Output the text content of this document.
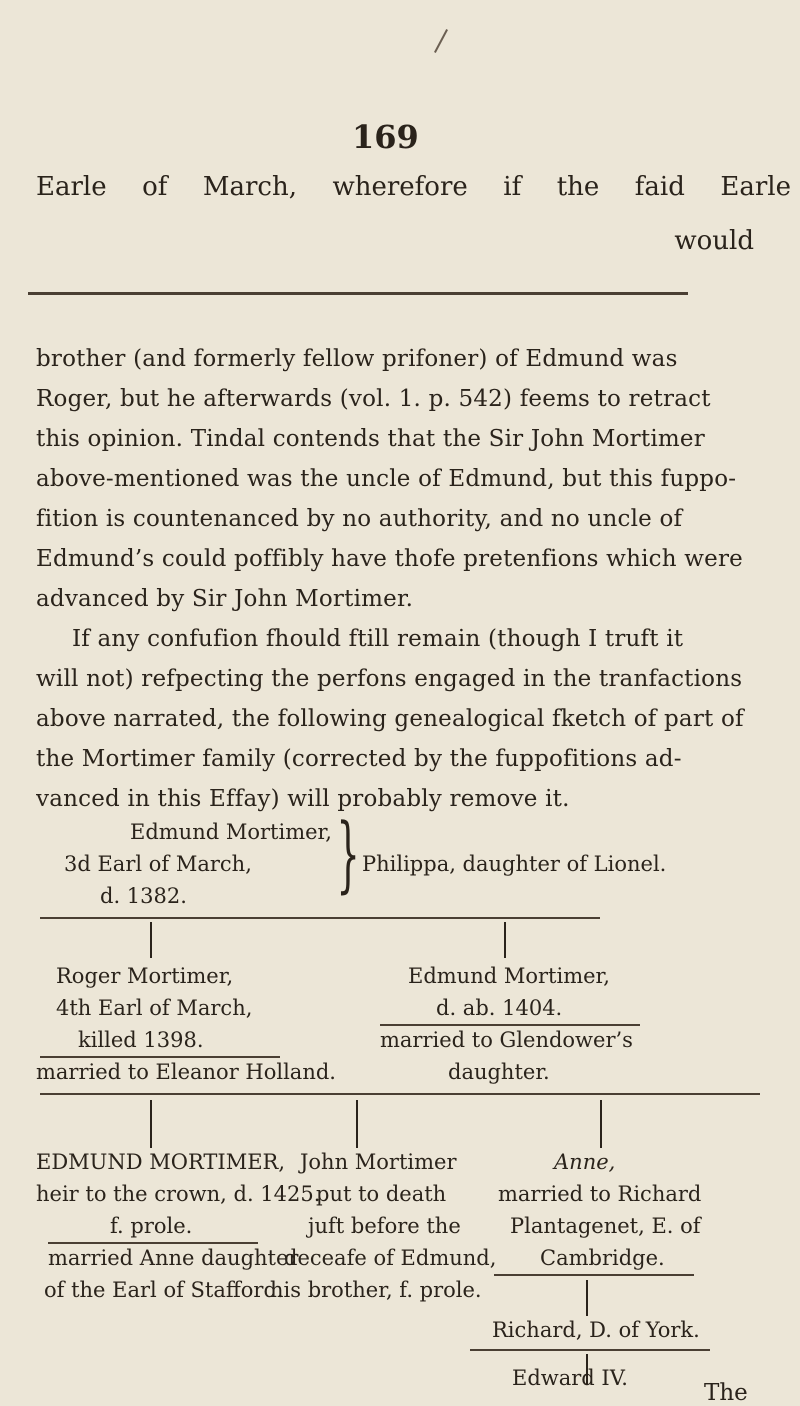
169
Earle of March, wherefore if the faid Earle
would
brother (and formerly fellow prifoner) of Edmund was
Roger, but he afterwards (vol. 1. p. 542) feems to retract
this opinion. Tindal contends that the Sir John Mortimer
above-mentioned was the uncle of Edmund, but this fuppo-
fition is countenanced by no authority, and no uncle of
Edmund’s could poffibly have thofe pretenfions which were
advanced by Sir John Mortimer.
If any confufion fhould ftill remain (though I truft it
will not) refpecting the perfons engaged in the tranfactions
above narrated, the following genealogical fketch of part of
the Mortimer family (corrected by the fuppofitions ad-
vanced in this Effay) will probably remove it.
Edmund Mortimer,
3d Earl of March,
d. 1382. } Philippa, daughter of Lionel.
Roger Mortimer,
4th Earl of March,
killed 1398.
married to Eleanor Holland.
Edmund Mortimer,
d. ab. 1404.
married to Glendower’s
daughter.
EDMUND MORTIMER,
heir to the crown, d. 1425.
f. prole.
married Anne daughter
of the Earl of Stafford.
John Mortimer
put to death
juft before the
deceafe of Edmund,
his brother, f. prole.
Anne,
married to Richard
Plantagenet, E. of
Cambridge.
Richard, D. of York.
Edward IV.
The
